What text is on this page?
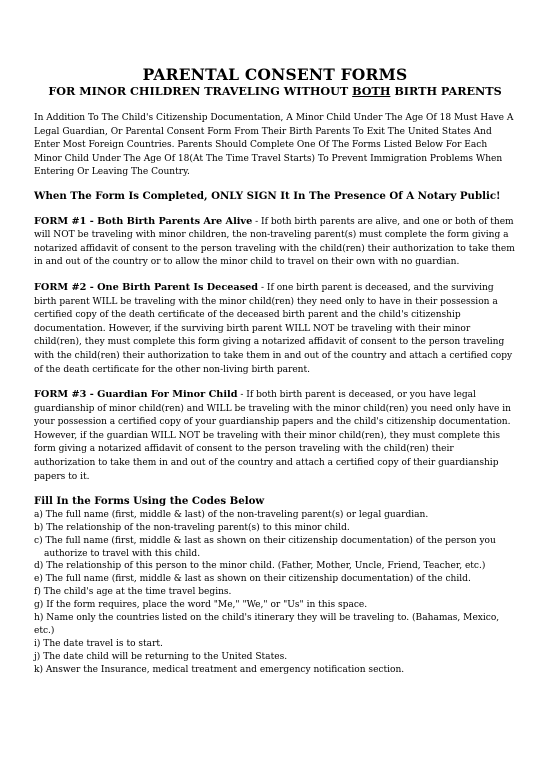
PARENTAL CONSENT FORMS
FOR MINOR CHILDREN TRAVELING WITHOUT BOTH BIRTH PARENTS

In Addition To The Child's Citizenship Documentation, A Minor Child Under The Age Of 18 Must Have A Legal Guardian, Or Parental Consent Form From Their Birth Parents To Exit The United States And Enter Most Foreign Countries. Parents Should Complete One Of The Forms Listed Below For Each Minor Child Under The Age Of 18(At The Time Travel Starts) To Prevent Immigration Problems When Entering Or Leaving The Country.

When The Form Is Completed, ONLY SIGN It In The Presence Of A Notary Public!

FORM #1 - Both Birth Parents Are Alive - If both birth parents are alive, and one or both of them will NOT be traveling with minor children, the non-traveling parent(s) must complete the form giving a notarized affidavit of consent to the person traveling with the child(ren) their authorization to take them in and out of the country or to allow the minor child to travel on their own with no guardian.

FORM #2 - One Birth Parent Is Deceased - If one birth parent is deceased, and the surviving birth parent WILL be traveling with the minor child(ren) they need only to have in their possession a certified copy of the death certificate of the deceased birth parent and the child's citizenship documentation. However, if the surviving birth parent WILL NOT be traveling with their minor child(ren), they must complete this form giving a notarized affidavit of consent to the person traveling with the child(ren) their authorization to take them in and out of the country and attach a certified copy of the death certificate for the other non-living birth parent.

FORM #3 - Guardian For Minor Child - If both birth parent is deceased, or you have legal guardianship of minor child(ren) and WILL be traveling with the minor child(ren) you need only have in your possession a certified copy of your guardianship papers and the child's citizenship documentation. However, if the guardian WILL NOT be traveling with their minor child(ren), they must complete this form giving a notarized affidavit of consent to the person traveling with the child(ren) their authorization to take them in and out of the country and attach a certified copy of their guardianship papers to it.

Fill In the Forms Using the Codes Below

a) The full name (first, middle & last) of the non-traveling parent(s) or legal guardian.
b) The relationship of the non-traveling parent(s) to this minor child.
c) The full name (first, middle & last as shown on their citizenship documentation) of the person you
authorize to travel with this child.
d) The relationship of this person to the minor child. (Father, Mother, Uncle, Friend, Teacher, etc.)
e) The full name (first, middle & last as shown on their citizenship documentation) of the child.
f) The child's age at the time travel begins.
g) If the form requires, place the word "Me," "We," or "Us" in this space.
h) Name only the countries listed on the child's itinerary they will be traveling to. (Bahamas, Mexico, etc.)
i) The date travel is to start.
j) The date child will be returning to the United States.
k) Answer the Insurance, medical treatment and emergency notification section.
